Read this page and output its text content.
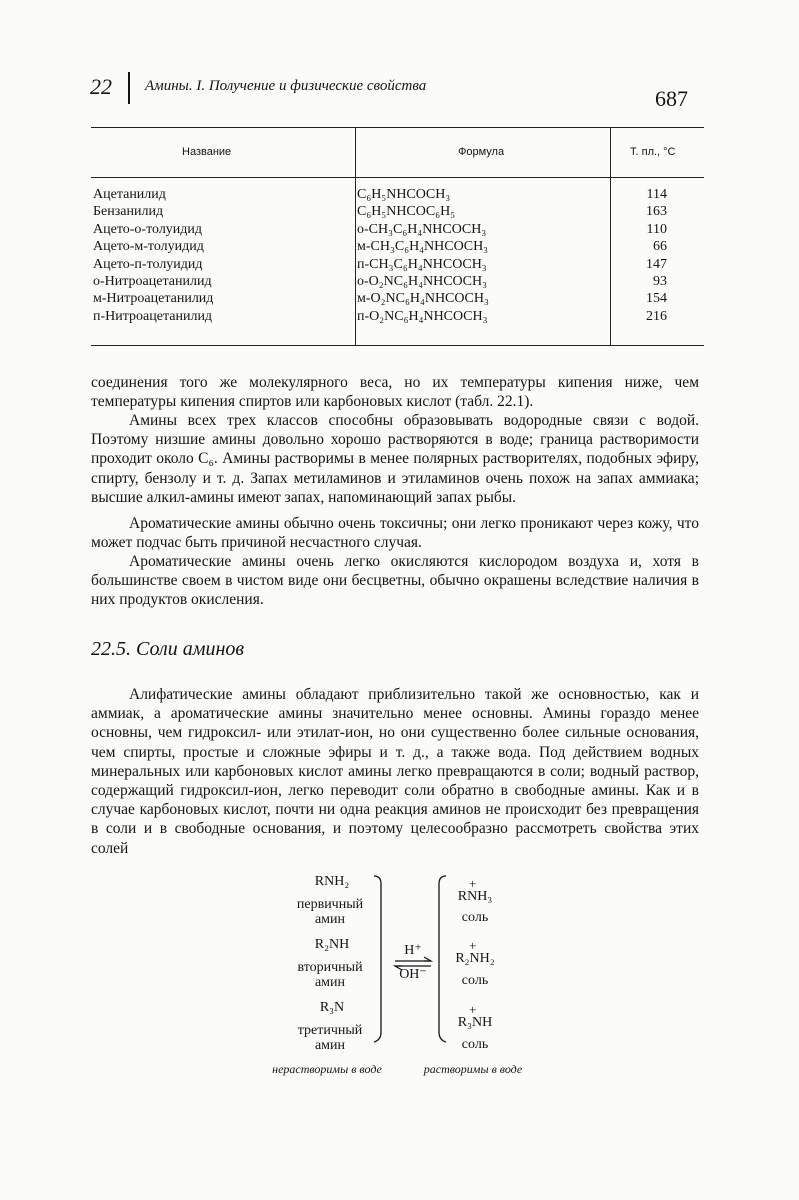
22 Амины. I. Получение и физические свойства	687
Название	Формула	Т. пл., °С
Ацетанилид	C₆H₅NHCOCH₃	114
Бензанилид	C₆H₅NHCOC₆H₅	163
Ацето-о-толуидид	о-CH₃C₆H₄NHCOCH₃	110
Ацето-м-толуидид	м-CH₃C₆H₄NHCOCH₃	66
Ацето-п-толуидид	п-CH₃C₆H₄NHCOCH₃	147
о-Нитроацетанилид	о-O₂NC₆H₄NHCOCH₃	93
м-Нитроацетанилид	м-O₂NC₆H₄NHCOCH₃	154
п-Нитроацетанилид	п-O₂NC₆H₄NHCOCH₃	216

соединения того же молекулярного веса, но их температуры кипения ниже, чем температуры кипения спиртов или карбоновых кислот (табл. 22.1).

Амины всех трех классов способны образовывать водородные связи с водой. Поэтому низшие амины довольно хорошо растворяются в воде; граница растворимости проходит около C₆. Амины растворимы в менее полярных растворителях, подобных эфиру, спирту, бензолу и т. д. Запах метиламинов и этиламинов очень похож на запах аммиака; высшие алкил-амины имеют запах, напоминающий запах рыбы.

Ароматические амины обычно очень токсичны; они легко проникают через кожу, что может подчас быть причиной несчастного случая.

Ароматические амины очень легко окисляются кислородом воздуха и, хотя в большинстве своем в чистом виде они бесцветны, обычно окрашены вследствие наличия в них продуктов окисления.

22.5. Соли аминов

Алифатические амины обладают приблизительно такой же основностью, как и аммиак, а ароматические амины значительно менее основны. Амины гораздо менее основны, чем гидроксил- или этилат-ион, но они существенно более сильные основания, чем спирты, простые и сложные эфиры и т. д., а также вода. Под действием водных минеральных или карбоновых кислот амины легко превращаются в соли; водный раствор, содержащий гидроксил-ион, легко переводит соли обратно в свободные амины. Как и в случае карбоновых кислот, почти ни одна реакция аминов не происходит без превращения в соли и в свободные основания, и поэтому целесообразно рассмотреть свойства этих солей

RNH₂
первичный амин
R₂NH
вторичный амин
R₃N
третичный амин
H⁺
OH⁻
+
RNH₃
соль
+
R₂NH₂
соль
+
R₃NH
соль
нерастворимы в воде	растворимы в воде
